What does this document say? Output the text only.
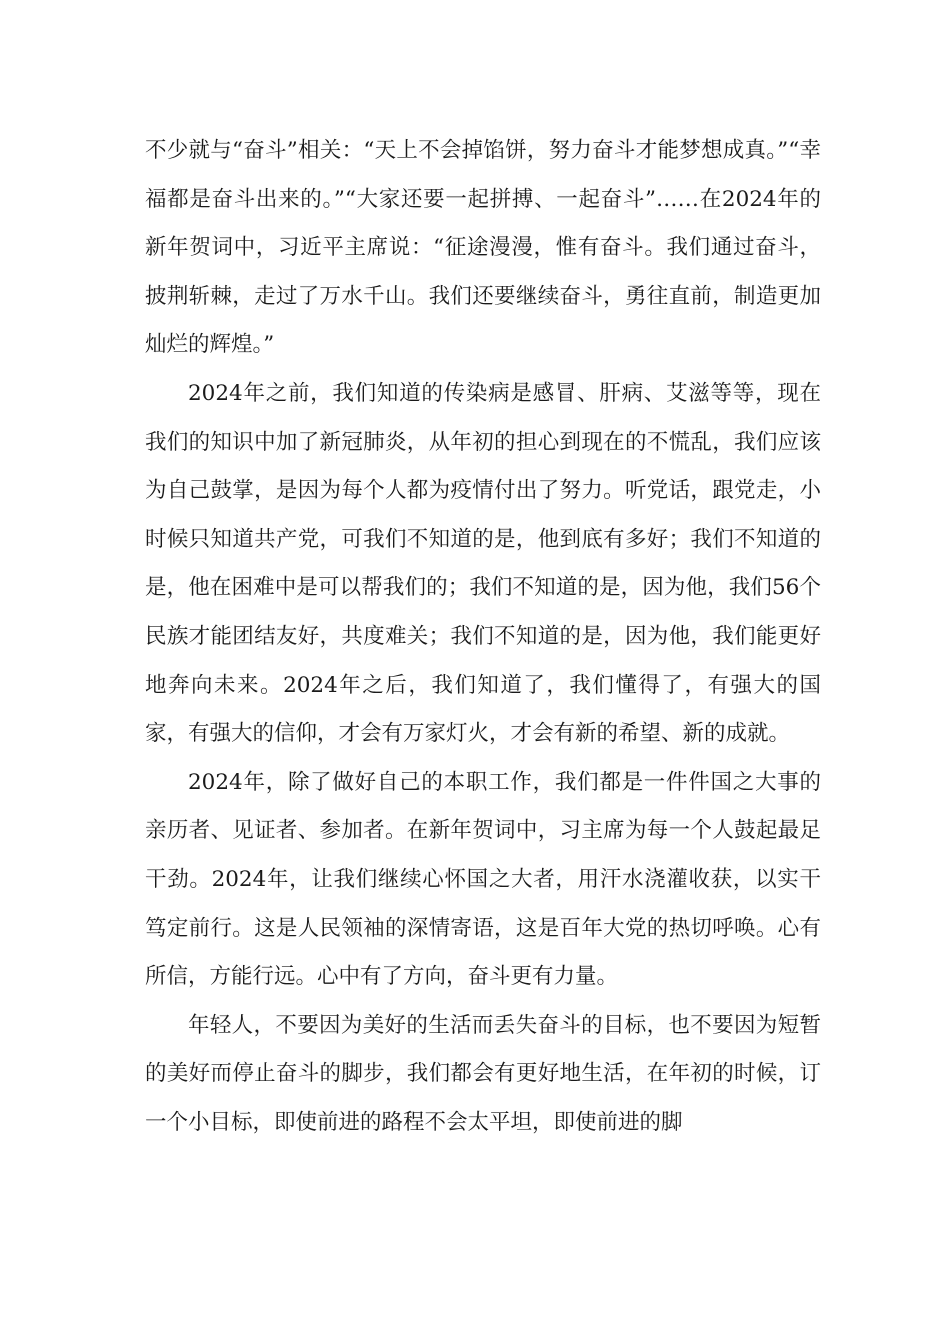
不少就与“奋斗”相关：“天上不会掉馅饼，努力奋斗才能梦想成真。”“幸福都是奋斗出来的。”“大家还要一起拼搏、一起奋斗”……在2024年的新年贺词中，习近平主席说：“征途漫漫，惟有奋斗。我们通过奋斗，披荆斩棘，走过了万水千山。我们还要继续奋斗，勇往直前，制造更加灿烂的辉煌。”

2024年之前，我们知道的传染病是感冒、肝病、艾滋等等，现在我们的知识中加了新冠肺炎，从年初的担心到现在的不慌乱，我们应该为自己鼓掌，是因为每个人都为疫情付出了努力。听党话，跟党走，小时候只知道共产党，可我们不知道的是，他到底有多好；我们不知道的是，他在困难中是可以帮我们的；我们不知道的是，因为他，我们56个民族才能团结友好，共度难关；我们不知道的是，因为他，我们能更好地奔向未来。2024年之后，我们知道了，我们懂得了，有强大的国家，有强大的信仰，才会有万家灯火，才会有新的希望、新的成就。

2024年，除了做好自己的本职工作，我们都是一件件国之大事的亲历者、见证者、参加者。在新年贺词中，习主席为每一个人鼓起最足干劲。2024年，让我们继续心怀国之大者，用汗水浇灌收获，以实干笃定前行。这是人民领袖的深情寄语，这是百年大党的热切呼唤。心有所信，方能行远。心中有了方向，奋斗更有力量。

年轻人，不要因为美好的生活而丢失奋斗的目标，也不要因为短暂的美好而停止奋斗的脚步，我们都会有更好地生活，在年初的时候，订一个小目标，即使前进的路程不会太平坦，即使前进的脚
